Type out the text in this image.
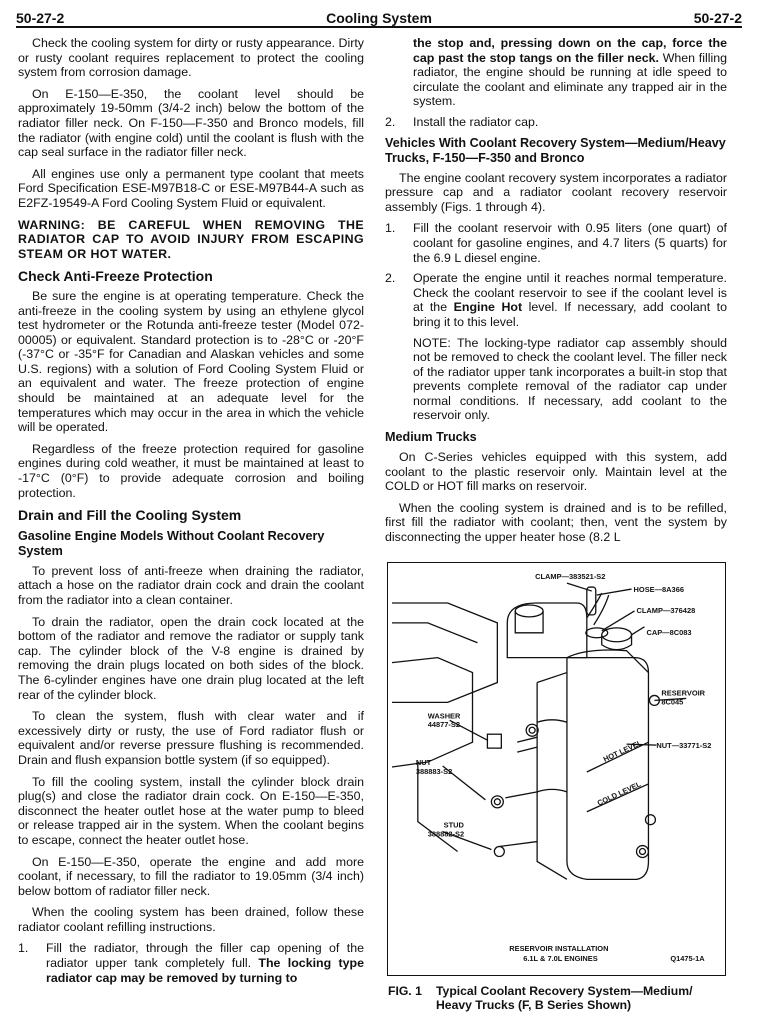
50-27-2	Cooling System	50-27-2

Check the cooling system for dirty or rusty appearance. Dirty or rusty coolant requires replacement to protect the cooling system from corrosion damage.

On E-150—E-350, the coolant level should be approximately 19-50mm (3/4-2 inch) below the bottom of the radiator filler neck. On F-150—F-350 and Bronco models, fill the radiator (with engine cold) until the coolant is flush with the cap seal surface in the radiator filler neck.

All engines use only a permanent type coolant that meets Ford Specification ESE-M97B18-C or ESE-M97B44-A such as E2FZ-19549-A Ford Cooling System Fluid or equivalent.

WARNING: BE CAREFUL WHEN REMOVING THE RADIATOR CAP TO AVOID INJURY FROM ESCAPING STEAM OR HOT WATER.
Check Anti-Freeze Protection

Be sure the engine is at operating temperature. Check the anti-freeze in the cooling system by using an ethylene glycol test hydrometer or the Rotunda anti-freeze tester (Model 072-00005) or equivalent. Standard protection is to -28°C or -20°F (-37°C or -35°F for Canadian and Alaskan vehicles and some U.S. regions) with a solution of Ford Cooling System Fluid or an equivalent and water. The freeze protection of engine should be maintained at an adequate level for the temperatures which may occur in the area in which the vehicle will be operated.

Regardless of the freeze protection required for gasoline engines during cold weather, it must be maintained at least to -17°C (0°F) to provide adequate corrosion and boiling protection.

Drain and Fill the Cooling System
Gasoline Engine Models Without Coolant Recovery System

To prevent loss of anti-freeze when draining the radiator, attach a hose on the radiator drain cock and drain the coolant from the radiator into a clean container.

To drain the radiator, open the drain cock located at the bottom of the radiator and remove the radiator or supply tank cap. The cylinder block of the V-8 engine is drained by removing the drain plugs located on both sides of the block. The 6-cylinder engines have one drain plug located at the left rear of the cylinder block.

To clean the system, flush with clear water and if excessively dirty or rusty, the use of Ford radiator flush or equivalent and/or reverse pressure flushing is recommended. Drain and flush expansion bottle system (if so equipped).

To fill the cooling system, install the cylinder block drain plug(s) and close the radiator drain cock. On E-150—E-350, disconnect the heater outlet hose at the water pump to bleed or release trapped air in the system. When the coolant begins to escape, connect the heater outlet hose.

On E-150—E-350, operate the engine and add more coolant, if necessary, to fill the radiator to 19.05mm (3/4 inch) below bottom of radiator filler neck.

When the cooling system has been drained, follow these radiator coolant refilling instructions.

1.	Fill the radiator, through the filler cap opening of the radiator upper tank completely full. The locking type radiator cap may be removed by turning to
the stop and, pressing down on the cap, force the cap past the stop tangs on the filler neck. When filling radiator, the engine should be running at idle speed to circulate the coolant and eliminate any trapped air in the system.
2.	Install the radiator cap.
Vehicles With Coolant Recovery System—Medium/Heavy Trucks, F-150—F-350 and Bronco

The engine coolant recovery system incorporates a radiator pressure cap and a radiator coolant recovery reservoir assembly (Figs. 1 through 4).

1.	Fill the coolant reservoir with 0.95 liters (one quart) of coolant for gasoline engines, and 4.7 liters (5 quarts) for the 6.9 L diesel engine.
2.	Operate the engine until it reaches normal temperature. Check the coolant reservoir to see if the coolant level is at the Engine Hot level. If necessary, add coolant to bring it to this level.
NOTE: The locking-type radiator cap assembly should not be removed to check the coolant level. The filler neck of the radiator upper tank incorporates a built-in stop that prevents complete removal of the radiator cap under normal conditions. If necessary, add coolant to the reservoir only.
Medium Trucks

On C-Series vehicles equipped with this system, add coolant to the plastic reservoir only. Maintain level at the COLD or HOT fill marks on reservoir.

When the cooling system is drained and is to be refilled, first fill the radiator with coolant; then, vent the system by disconnecting the upper heater hose (8.2 L

CLAMP—383521-S2
HOSE—8A366
CLAMP—376428
CAP—8C083
RESERVOIR
8C045
WASHER
44877-S2
NUT—33771-S2
NUT
388883-S2
HOT LEVEL
COLD LEVEL
STUD
388882-S2
RESERVOIR INSTALLATION
6.1L & 7.0L ENGINES	Q1475-1A
FIG. 1	Typical Coolant Recovery System—Medium/ Heavy Trucks (F, B Series Shown)
